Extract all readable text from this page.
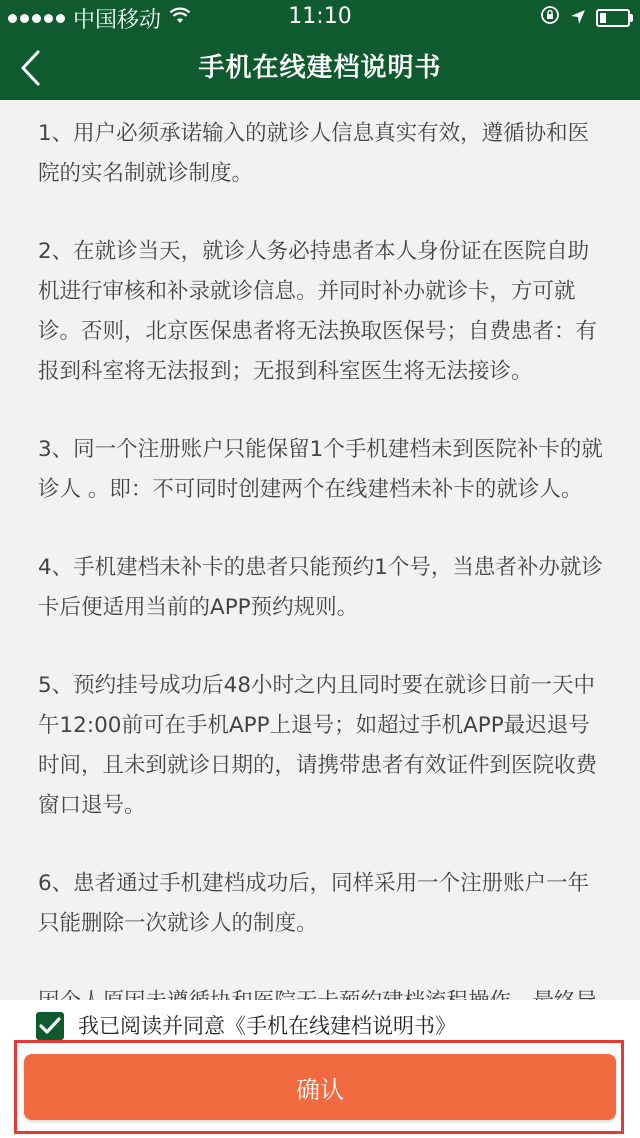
中国移动	11:10
手机在线建档说明书

1、用户必须承诺输入的就诊人信息真实有效，遵循协和医院的实名制就诊制度。

2、在就诊当天，就诊人务必持患者本人身份证在医院自助机进行审核和补录就诊信息。并同时补办就诊卡，方可就诊。否则，北京医保患者将无法换取医保号；自费患者：有报到科室将无法报到；无报到科室医生将无法接诊。

3、同一个注册账户只能保留1个手机建档未到医院补卡的就诊人 。即：不可同时创建两个在线建档未补卡的就诊人。

4、手机建档未补卡的患者只能预约1个号，当患者补办就诊卡后便适用当前的APP预约规则。

5、预约挂号成功后48小时之内且同时要在就诊日前一天中午12:00前可在手机APP上退号；如超过手机APP最迟退号时间，且未到就诊日期的，请携带患者有效证件到医院收费窗口退号。

6、患者通过手机建档成功后，同样采用一个注册账户一年只能删除一次就诊人的制度。

我已阅读并同意《手机在线建档说明书》
确认
